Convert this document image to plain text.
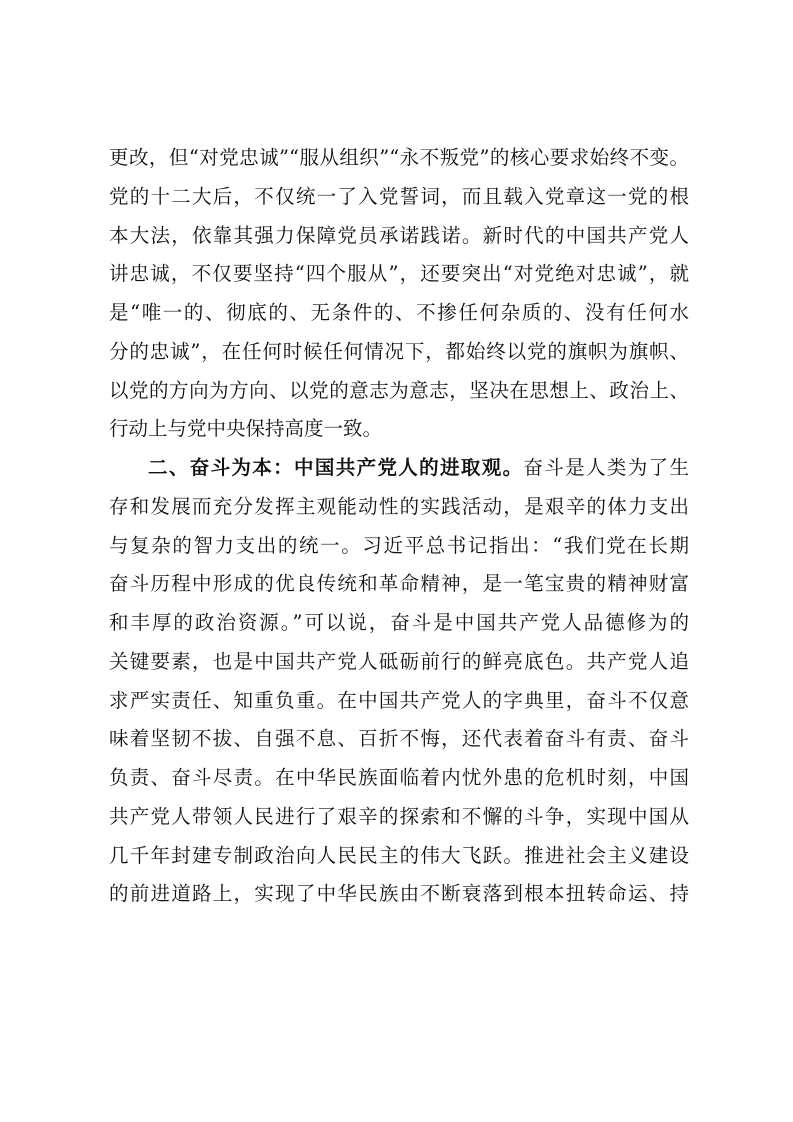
更改，但“对党忠诚”“服从组织”“永不叛党”的核心要求始终不变。
党的十二大后，不仅统一了入党誓词，而且载入党章这一党的根
本大法，依靠其强力保障党员承诺践诺。新时代的中国共产党人
讲忠诚，不仅要坚持“四个服从”，还要突出“对党绝对忠诚”，就
是“唯一的、彻底的、无条件的、不掺任何杂质的、没有任何水
分的忠诚”，在任何时候任何情况下，都始终以党的旗帜为旗帜、
以党的方向为方向、以党的意志为意志，坚决在思想上、政治上、
行动上与党中央保持高度一致。
二、奋斗为本：中国共产党人的进取观。奋斗是人类为了生
存和发展而充分发挥主观能动性的实践活动，是艰辛的体力支出
与复杂的智力支出的统一。习近平总书记指出：“我们党在长期
奋斗历程中形成的优良传统和革命精神，是一笔宝贵的精神财富
和丰厚的政治资源。”可以说，奋斗是中国共产党人品德修为的
关键要素，也是中国共产党人砥砺前行的鲜亮底色。共产党人追
求严实责任、知重负重。在中国共产党人的字典里，奋斗不仅意
味着坚韧不拔、自强不息、百折不悔，还代表着奋斗有责、奋斗
负责、奋斗尽责。在中华民族面临着内忧外患的危机时刻，中国
共产党人带领人民进行了艰辛的探索和不懈的斗争，实现中国从
几千年封建专制政治向人民民主的伟大飞跃。推进社会主义建设
的前进道路上，实现了中华民族由不断衰落到根本扭转命运、持
